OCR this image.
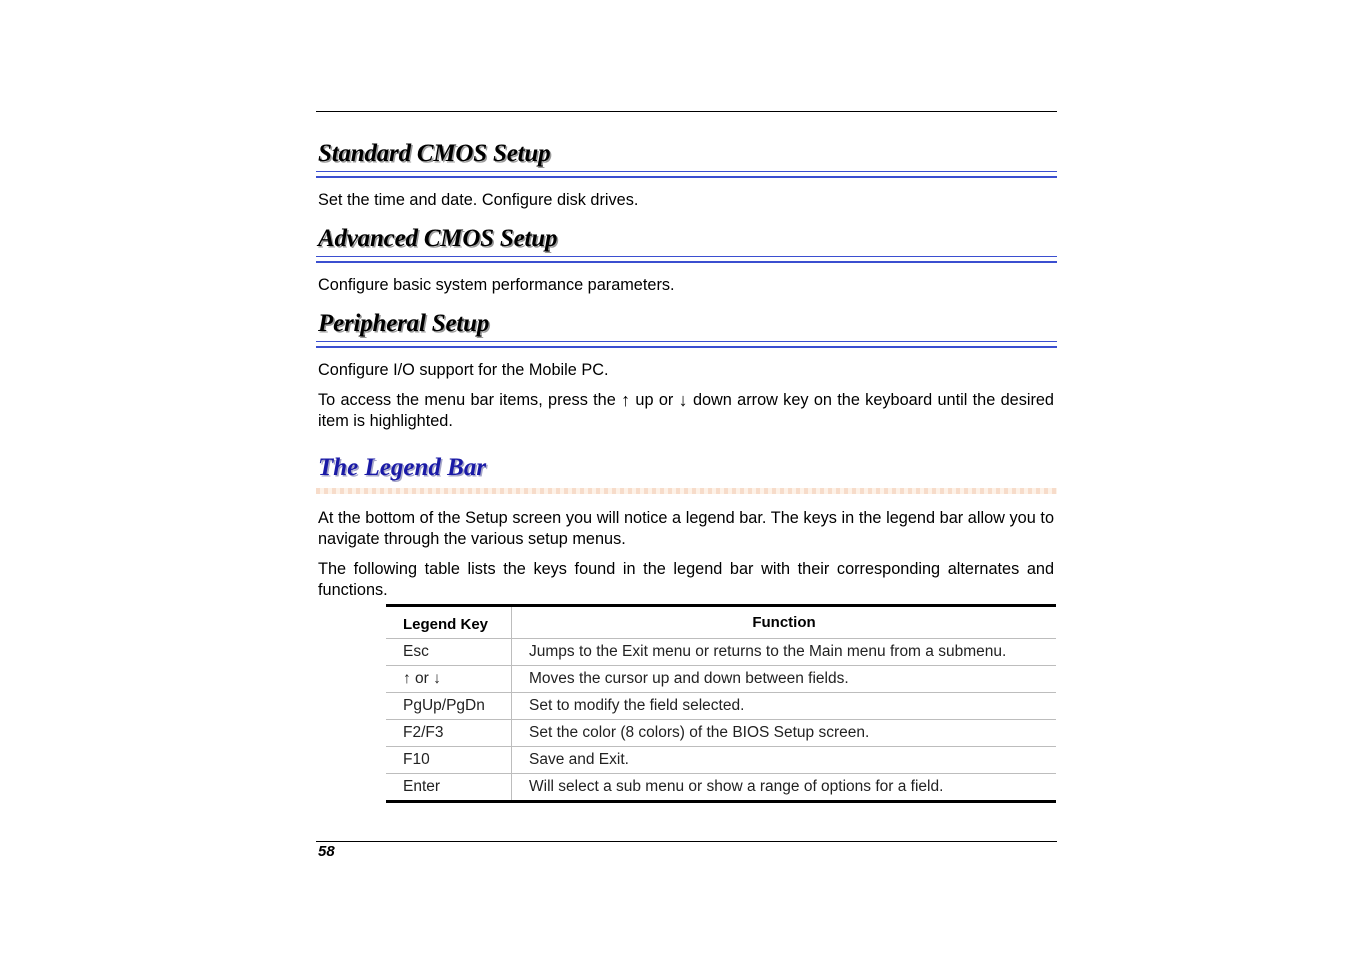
Standard CMOS Setup

Set the time and date. Configure disk drives.

Advanced CMOS Setup

Configure basic system performance parameters.

Peripheral Setup

Configure I/O support for the Mobile PC.

To access the menu bar items, press the ↑ up or ↓ down arrow key on the keyboard until the desired item is highlighted.

The Legend Bar

At the bottom of the Setup screen you will notice a legend bar. The keys in the legend bar allow you to navigate through the various setup menus.

The following table lists the keys found in the legend bar with their corresponding alternates and functions.

Legend Key	Function
Esc	Jumps to the Exit menu or returns to the Main menu from a submenu.
↑ or ↓	Moves the cursor up and down between fields.
PgUp/PgDn	Set to modify the field selected.
F2/F3	Set the color (8 colors) of the BIOS Setup screen.
F10	Save and Exit.
Enter	Will select a sub menu or show a range of options for a field.
58
